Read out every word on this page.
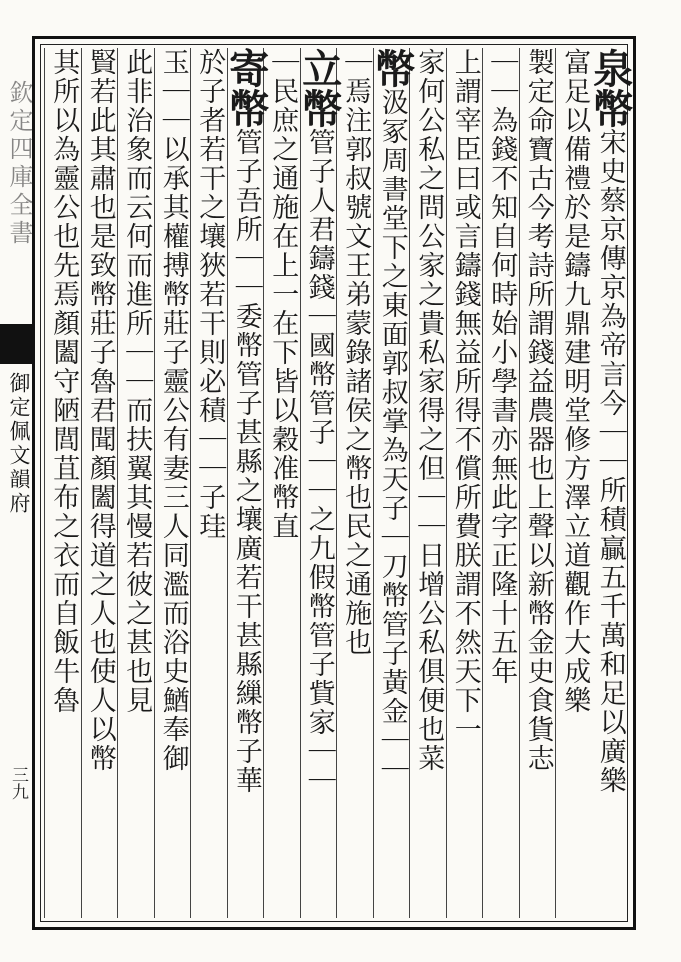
欽定四庫全書
御定佩文韻府
三九
泉幣
宋史蔡京傳京為帝言今｜｜所積贏五千萬和足以廣樂
富足以備禮於是鑄九鼎建明堂修方澤立道觀作大成樂
製定命寶古今考詩所謂錢益農器也上聲以新幣金史食貨志
｜｜為錢不知自何時始小學書亦無此字正隆十五年
上謂宰臣曰或言鑄錢無益所得不償所費朕謂不然天下一
家何公私之問公家之貴私家得之但｜｜日增公私俱便也菜
幣
汲冢周書堂下之東面郭叔掌為天子｜刀幣管子黃金｜｜
｜焉注郭叔號文王弟蒙錄諸侯之幣也民之通施也
立幣
管子人君鑄錢｜國幣管子｜｜之九假幣管子貲家｜｜
｜民庶之通施在上一在下皆以穀准幣直
寄幣
管子吾所｜｜委幣管子甚縣之壤廣若干甚縣繅幣子華
於子者若干之壤狹若干則必積｜｜子珪
玉｜｜以承其權搏幣莊子靈公有妻三人同濫而浴史鰌奉御
此非治象而云何而進所｜｜而扶翼其慢若彼之甚也見
賢若此其肅也是致幣莊子魯君聞顏闔得道之人也使人以幣
其所以為靈公也先焉顏闔守陋閭苴布之衣而自飯牛魯
